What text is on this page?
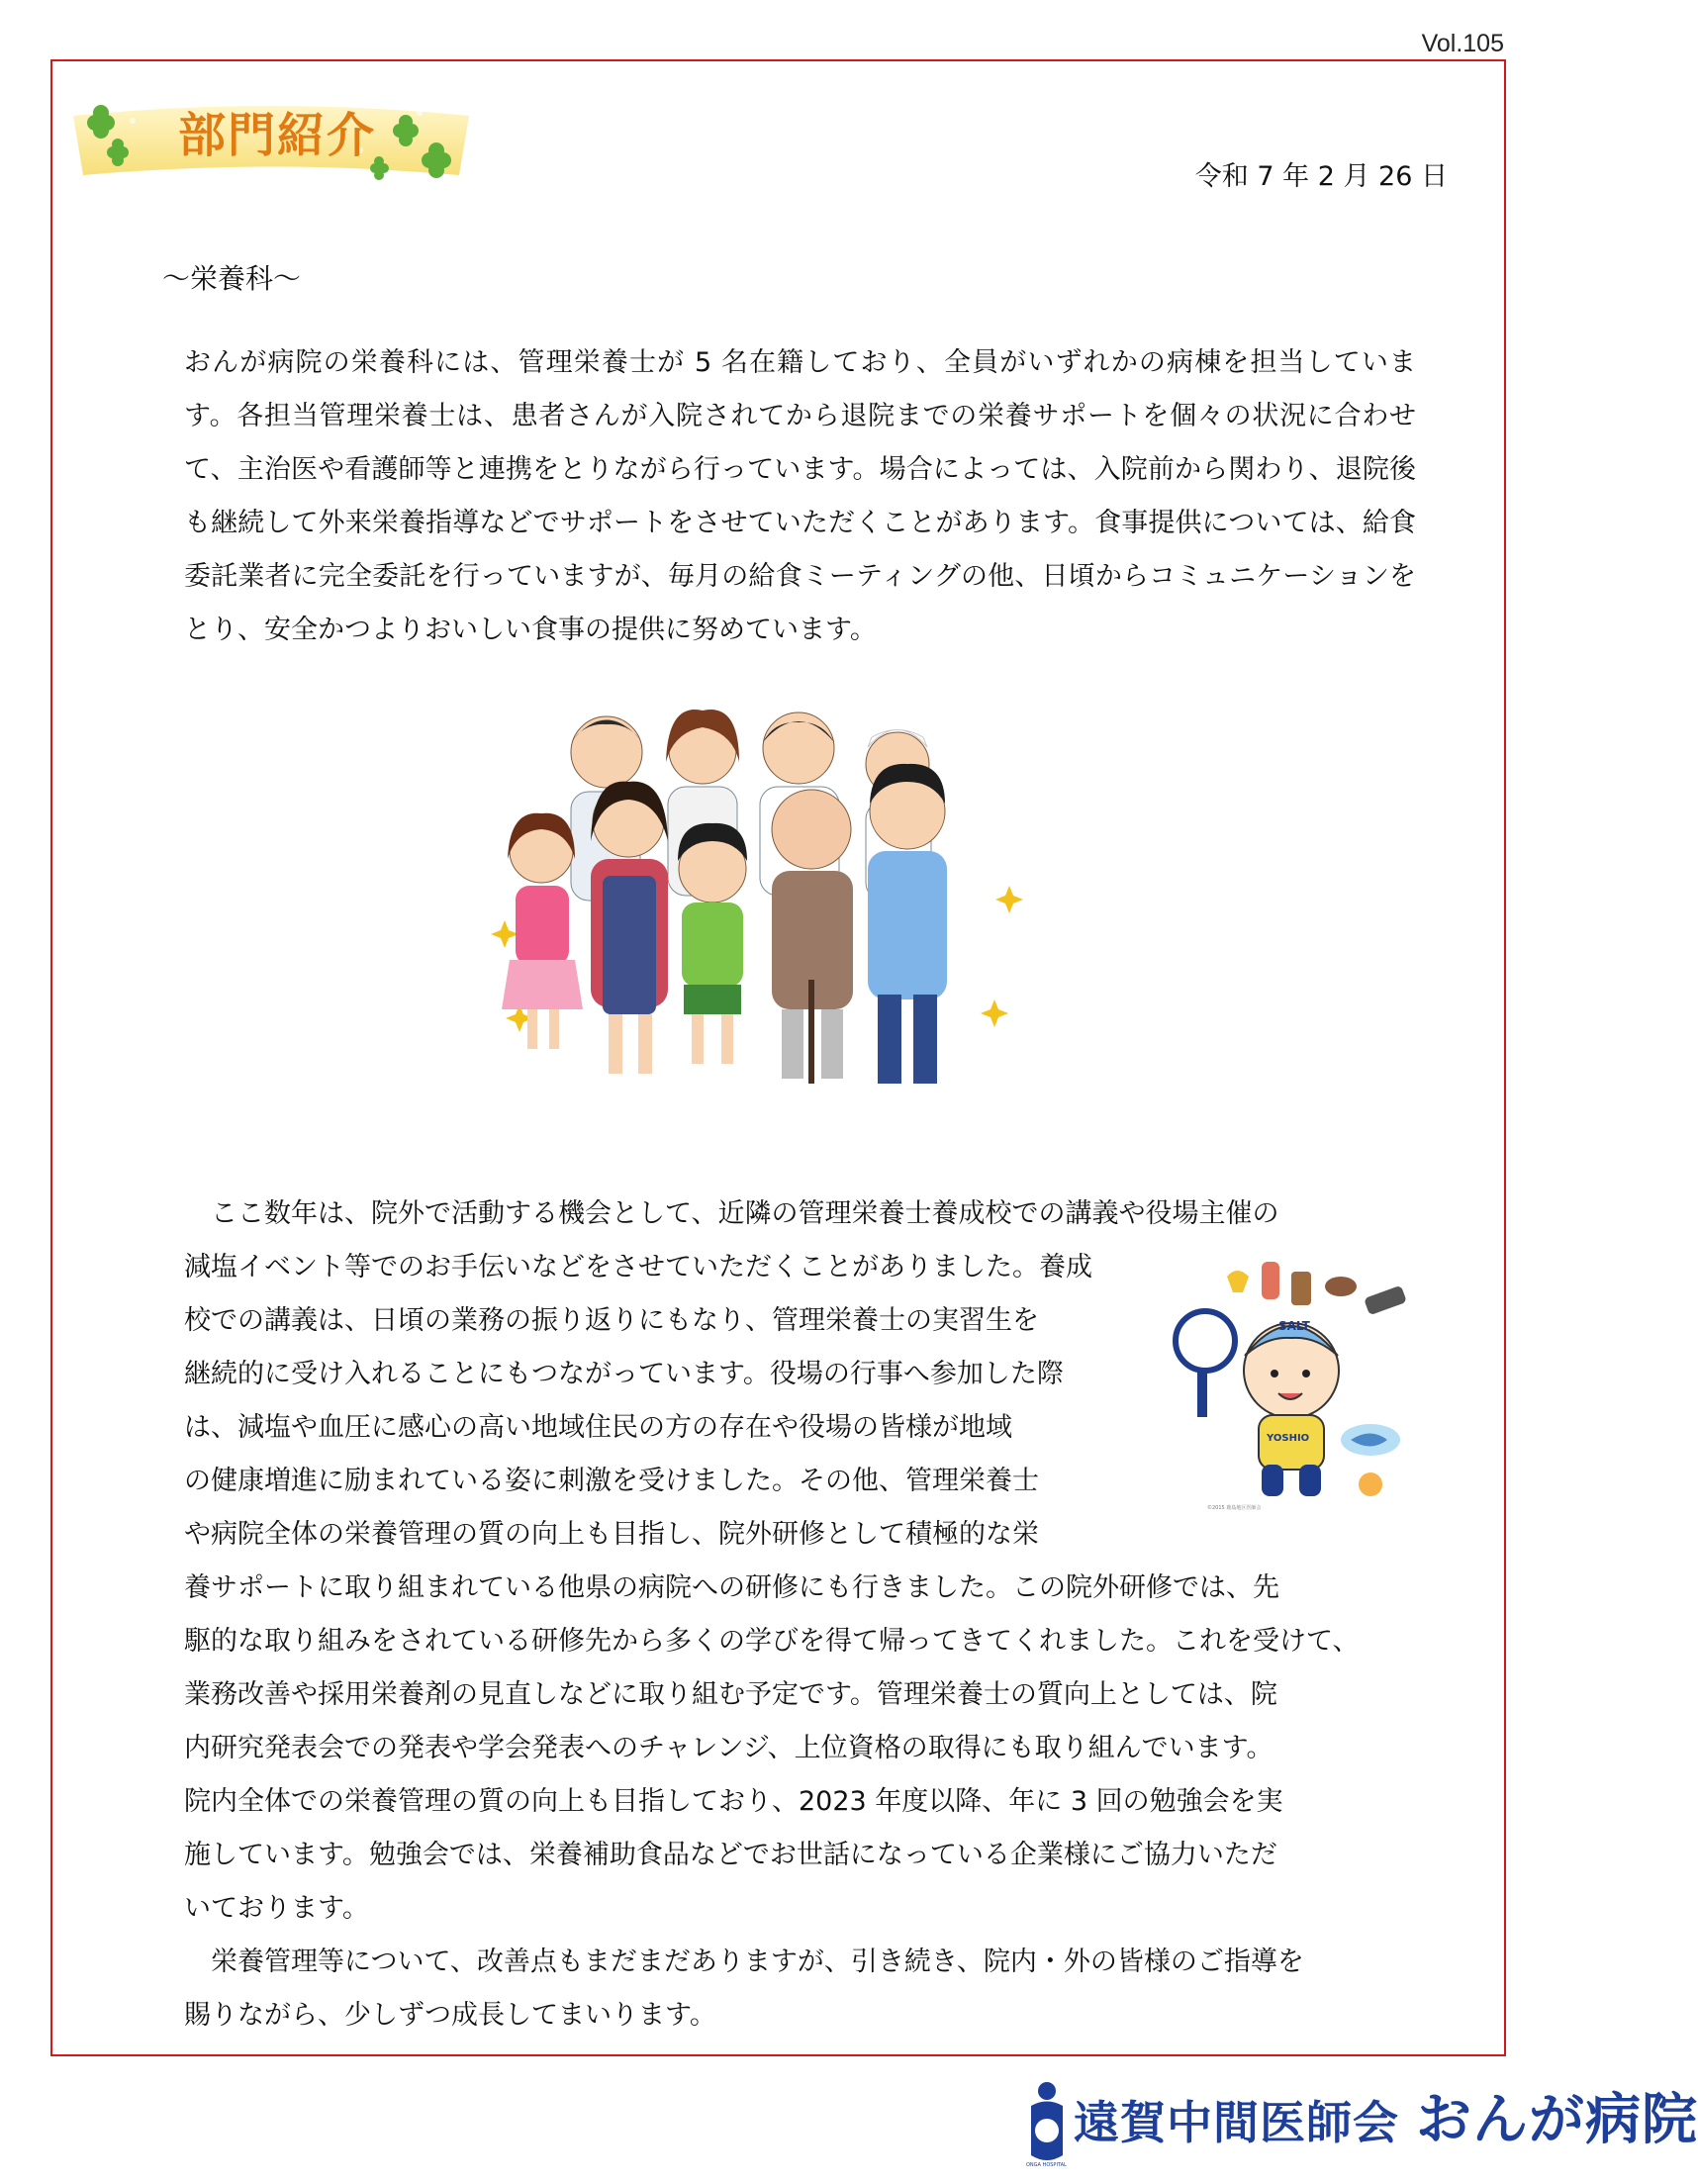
Vol.105
部門紹介
令和 7 年 2 月 26 日
～栄養科～

おんが病院の栄養科には、管理栄養士が 5 名在籍しており、全員がいずれかの病棟を担当しています。各担当管理栄養士は、患者さんが入院されてから退院までの栄養サポートを個々の状況に合わせて、主治医や看護師等と連携をとりながら行っています。場合によっては、入院前から関わり、退院後も継続して外来栄養指導などでサポートをさせていただくことがあります。食事提供については、給食委託業者に完全委託を行っていますが、毎月の給食ミーティングの他、日頃からコミュニケーションをとり、安全かつよりおいしい食事の提供に努めています。

　ここ数年は、院外で活動する機会として、近隣の管理栄養士養成校での講義や役場主催の
減塩イベント等でのお手伝いなどをさせていただくことがありました。養成
校での講義は、日頃の業務の振り返りにもなり、管理栄養士の実習生を
継続的に受け入れることにもつながっています。役場の行事へ参加した際
は、減塩や血圧に感心の高い地域住民の方の存在や役場の皆様が地域
の健康増進に励まれている姿に刺激を受けました。その他、管理栄養士
や病院全体の栄養管理の質の向上も目指し、院外研修として積極的な栄
養サポートに取り組まれている他県の病院への研修にも行きました。この院外研修では、先
駆的な取り組みをされている研修先から多くの学びを得て帰ってきてくれました。これを受けて、
業務改善や採用栄養剤の見直しなどに取り組む予定です。管理栄養士の質向上としては、院
内研究発表会での発表や学会発表へのチャレンジ、上位資格の取得にも取り組んでいます。
院内全体での栄養管理の質の向上も目指しており、2023 年度以降、年に 3 回の勉強会を実
施しています。勉強会では、栄養補助食品などでお世話になっている企業様にご協力いただ
いております。
　栄養管理等について、改善点もまだまだありますが、引き続き、院内・外の皆様のご指導を
賜りながら、少しずつ成長してまいります。
SALT
YOSHIO
©2015 鹿島地区医師会
ONGA HOSPITAL
遠賀中間医師会 おんが病院
